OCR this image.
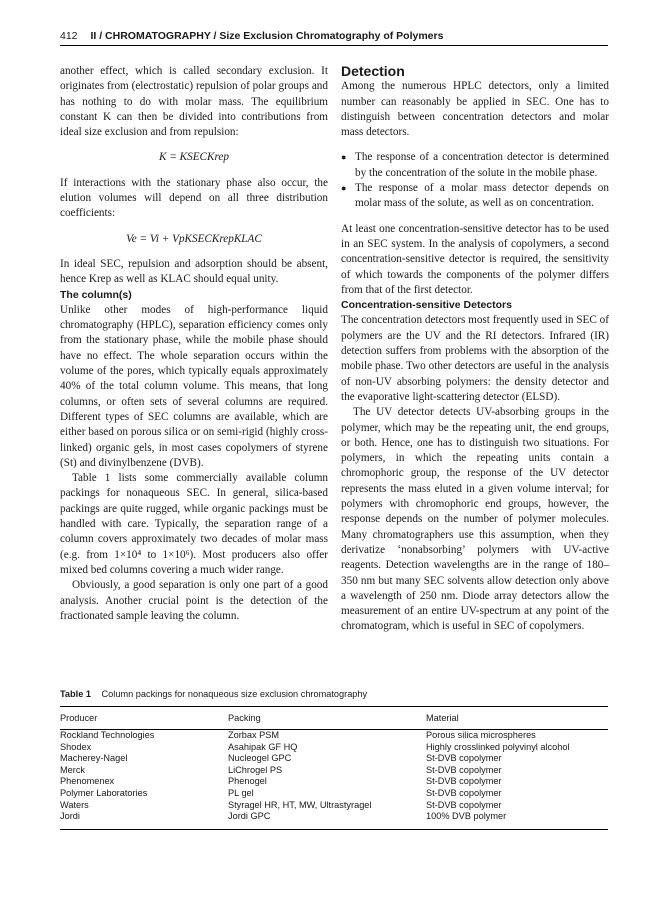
412 II / CHROMATOGRAPHY / Size Exclusion Chromatography of Polymers

another effect, which is called secondary exclusion. It originates from (electrostatic) repulsion of polar groups and has nothing to do with molar mass. The equilibrium constant K can then be divided into contributions from ideal size exclusion and from repulsion:

K = KSECKrep

If interactions with the stationary phase also occur, the elution volumes will depend on all three distribution coefficients:

Ve = Vi + VpKSECKrepKLAC

In ideal SEC, repulsion and adsorption should be absent, hence Krep as well as KLAC should equal unity.

The column(s)

Unlike other modes of high-performance liquid chromatography (HPLC), separation efficiency comes only from the stationary phase, while the mobile phase should have no effect. The whole separation occurs within the volume of the pores, which typically equals approximately 40% of the total column volume. This means, that long columns, or often sets of several columns are required. Different types of SEC columns are available, which are either based on porous silica or on semi-rigid (highly cross-linked) organic gels, in most cases copolymers of styrene (St) and divinylbenzene (DVB).

Table 1 lists some commercially available column packings for nonaqueous SEC. In general, silica-based packings are quite rugged, while organic packings must be handled with care. Typically, the separation range of a column covers approximately two decades of molar mass (e.g. from 1×10⁴ to 1×10⁶). Most producers also offer mixed bed columns covering a much wider range.

Obviously, a good separation is only one part of a good analysis. Another crucial point is the detection of the fractionated sample leaving the column.

Detection

Among the numerous HPLC detectors, only a limited number can reasonably be applied in SEC. One has to distinguish between concentration detectors and molar mass detectors.

● The response of a concentration detector is determined by the concentration of the solute in the mobile phase.
● The response of a molar mass detector depends on molar mass of the solute, as well as on concentration.

At least one concentration-sensitive detector has to be used in an SEC system. In the analysis of copolymers, a second concentration-sensitive detector is required, the sensitivity of which towards the components of the polymer differs from that of the first detector.

Concentration-sensitive Detectors

The concentration detectors most frequently used in SEC of polymers are the UV and the RI detectors. Infrared (IR) detection suffers from problems with the absorption of the mobile phase. Two other detectors are useful in the analysis of non-UV absorbing polymers: the density detector and the evaporative light-scattering detector (ELSD).

The UV detector detects UV-absorbing groups in the polymer, which may be the repeating unit, the end groups, or both. Hence, one has to distinguish two situations. For polymers, in which the repeating units contain a chromophoric group, the response of the UV detector represents the mass eluted in a given volume interval; for polymers with chromophoric end groups, however, the response depends on the number of polymer molecules. Many chromatographers use this assumption, when they derivatize ‘nonabsorbing’ polymers with UV-active reagents. Detection wavelengths are in the range of 180–350 nm but many SEC solvents allow detection only above a wavelength of 250 nm. Diode array detectors allow the measurement of an entire UV-spectrum at any point of the chromatogram, which is useful in SEC of copolymers.

Table 1 Column packings for nonaqueous size exclusion chromatography
Producer	Packing	Material

Rockland Technologies	Zorbax PSM	Porous silica microspheres
Shodex	Asahipak GF HQ	Highly crosslinked polyvinyl alcohol
Macherey-Nagel	Nucleogel GPC	St-DVB copolymer
Merck	LiChrogel PS	St-DVB copolymer
Phenomenex	Phenogel	St-DVB copolymer
Polymer Laboratories	PL gel	St-DVB copolymer
Waters	Styragel HR, HT, MW, Ultrastyragel	St-DVB copolymer
Jordi	Jordi GPC	100% DVB polymer
